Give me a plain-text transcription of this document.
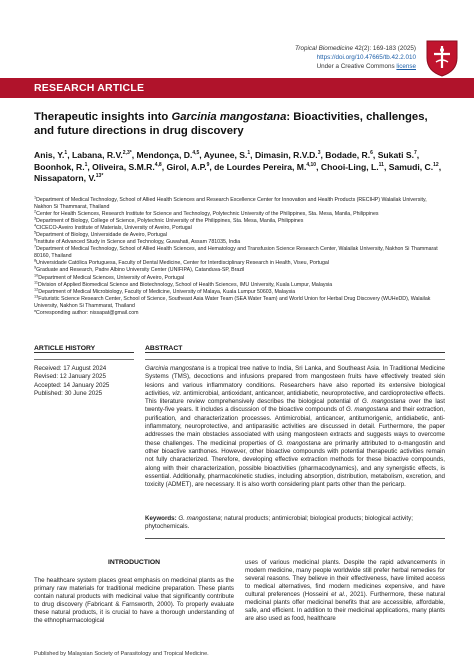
Tropical Biomedicine 42(2): 169-183 (2025)
https://doi.org/10.47665/tb.42.2.010
Under a Creative Commons license
RESEARCH ARTICLE
Therapeutic insights into Garcinia mangostana: Bioactivities, challenges, and future directions in drug discovery
Anis, Y.$^1$, Labana, R.V.$^{2,3*}$, Mendonça, D.$^{4,5}$, Ayunee, S.$^1$, Dimasin, R.V.D.$^3$, Bodade, R.$^6$, Sukati S.$^7$, Boonhok, R.$^1$, Oliveira, S.M.R.$^{4,8}$, Girol, A.P.$^9$, de Lourdes Pereira, M.$^{4,10}$, Chooi-Ling, L.$^{11}$, Samudi, C.$^{12}$, Nissapatorn, V.$^{13*}$
$^1$Department of Medical Technology, School of Allied Health Sciences and Research Excellence Center for Innovation and Health Products (RECIHP) Walailak University, Nakhon Si Thammarat, Thailand
$^2$Center for Health Sciences, Research Institute for Science and Technology, Polytechnic University of the Philippines, Sta. Mesa, Manila, Philippines
$^3$Department of Biology, College of Science, Polytechnic University of the Philippines, Sta. Mesa, Manila, Philippines
$^4$CICECO-Aveiro Institute of Materials, University of Aveiro, Portugal
$^5$Department of Biology, Universidade de Aveiro, Portugal
$^6$Institute of Advanced Study in Science and Technology, Guwahati, Assam 781035, India
$^7$Department of Medical Technology, School of Allied Health Sciences, and Hematology and Transfusion Science Research Center, Walailak University, Nakhon Si Thammarat 80160, Thailand
$^8$Universidade Católica Portuguesa, Faculty of Dental Medicine, Center for Interdisciplinary Research in Health, Viseu, Portugal
$^9$Graduate and Research, Padre Albino University Center (UNIFIPA), Catanduva-SP, Brazil
$^{10}$Department of Medical Sciences, University of Aveiro, Portugal
$^{11}$Division of Applied Biomedical Science and Biotechnology, School of Health Sciences, IMU University, Kuala Lumpur, Malaysia
$^{12}$Department of Medical Microbiology, Faculty of Medicine, University of Malaya, Kuala Lumpur 50603, Malaysia
$^{13}$Futuristic Science Research Center, School of Science, Southeast Asia Water Team (SEA Water Team) and World Union for Herbal Drug Discovery (WUHeDD), Walailak University, Nakhon Si Thammarat, Thailand
*Corresponding author: nissapat@gmail.com
ARTICLE HISTORY	ABSTRACT
Received: 17 August 2024
Revised: 12 January 2025
Accepted: 14 January 2025
Published: 30 June 2025
Garcinia mangostana is a tropical tree native to India, Sri Lanka, and Southeast Asia. In Traditional Medicine Systems (TMS), decoctions and infusions prepared from mangosteen fruits have effectively treated skin lesions and various inflammatory conditions. Researchers have also reported its extensive biological activities, viz. antimicrobial, antioxidant, anticancer, antidiabetic, neuroprotective, and cardioprotective effects. This literature review comprehensively describes the biological potential of G. mangostana over the last twenty-five years. It includes a discussion of the bioactive compounds of G. mangostana and their extraction, purification, and characterization processes. Antimicrobial, anticancer, antitumorigenic, antidiabetic, anti-inflammatory, neuroprotective, and antiparasitic activities are discussed in detail. Furthermore, the paper addresses the main obstacles associated with using mangosteen extracts and suggests ways to overcome these challenges. The medicinal properties of G. mangostana are primarily attributed to α-mangostin and other bioactive xanthones. However, other bioactive compounds with potential therapeutic activities remain not fully characterized. Therefore, developing effective extraction methods for these bioactive compounds, along with their characterization, possible bioactivities (pharmacodynamics), and any synergistic effects, is essential. Additionally, pharmacokinetic studies, including absorption, distribution, metabolism, excretion, and toxicity (ADMET), are necessary. It is also worth considering plant parts other than the pericarp.
Keywords: G. mangostana; natural products; antimicrobial; biological products; biological activity; phytochemicals.
INTRODUCTION
The healthcare system places great emphasis on medicinal plants as the primary raw materials for traditional medicine preparation. These plants contain natural products with medicinal value that significantly contribute to drug discovery (Fabricant & Farnsworth, 2000). To properly evaluate these natural products, it is crucial to have a thorough understanding of the ethnopharmacological
uses of various medicinal plants. Despite the rapid advancements in modern medicine, many people worldwide still prefer herbal remedies for several reasons. They believe in their effectiveness, have limited access to medical alternatives, find modern medicines expensive, and have cultural preferences (Hosseini et al., 2021). Furthermore, these natural medicinal plants offer medicinal benefits that are accessible, affordable, safe, and efficient. In addition to their medicinal applications, many plants are also used as food, healthcare
Published by Malaysian Society of Parasitology and Tropical Medicine.
